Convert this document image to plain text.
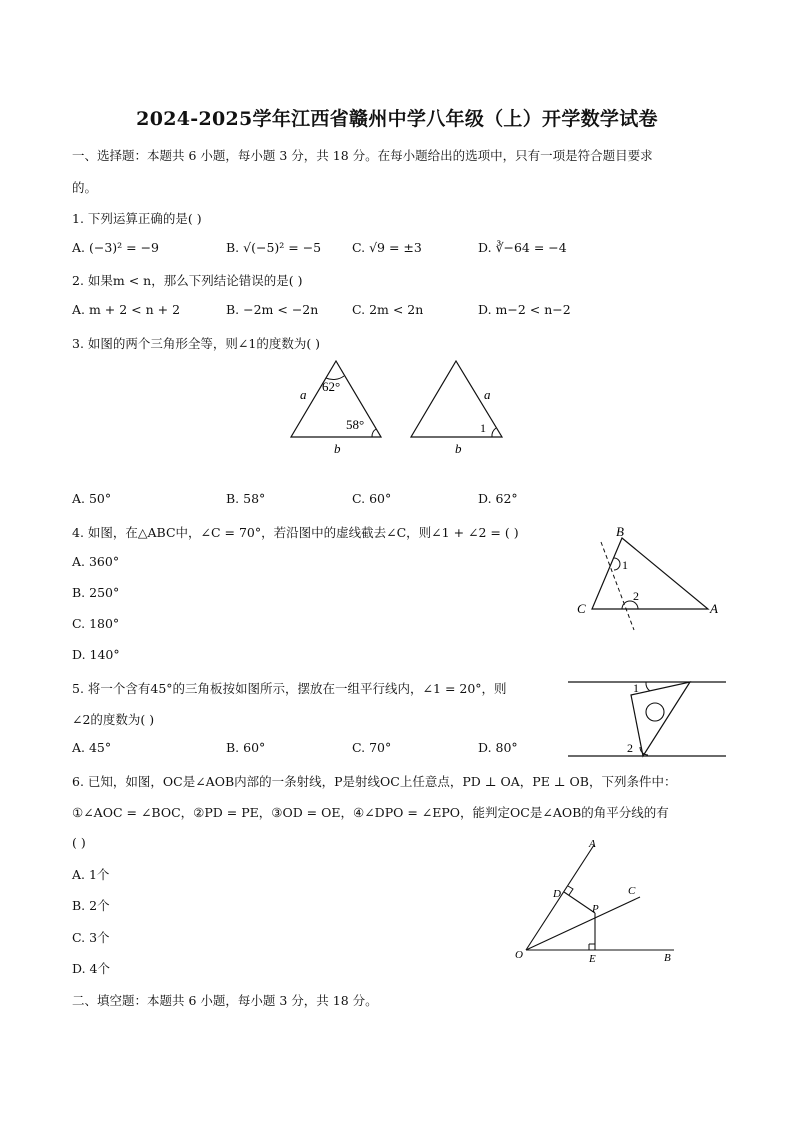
2024-2025学年江西省赣州中学八年级（上）开学数学试卷
一、选择题：本题共 6 小题，每小题 3 分，共 18 分。在每小题给出的选项中，只有一项是符合题目要求
的。
1. 下列运算正确的是( )
A. (−3)² = −9	B. √(−5)² = −5 C. √9 = ±3	D. ∛−64 = −4
2. 如果m < n，那么下列结论错误的是( )
A. m + 2 < n + 2	B. −2m < −2n	C. 2m < 2n	D. m−2 < n−2
3. 如图的两个三角形全等，则∠1的度数为( )
62°
58°
a
b
1
a
b
A. 50°	B. 58°	C. 60°	D. 62°
4. 如图，在△ABC中，∠C = 70°，若沿图中的虚线截去∠C，则∠1 + ∠2 = ( )
A. 360°
B. 250°
C. 180°
D. 140°
B
C	A
1
2
5. 将一个含有45°的三角板按如图所示，摆放在一组平行线内，∠1 = 20°，则
∠2的度数为( )
A. 45°	B. 60°	C. 70°	D. 80°
1
2
6. 已知，如图，OC是∠AOB内部的一条射线，P是射线OC上任意点，PD ⊥ OA，PE ⊥ OB，下列条件中：
①∠AOC = ∠BOC，②PD = PE，③OD = OE，④∠DPO = ∠EPO，能判定OC是∠AOB的角平分线的有
( )
A. 1个
B. 2个
C. 3个
D. 4个
A
C
D
P
O	E	B
二、填空题：本题共 6 小题，每小题 3 分，共 18 分。
